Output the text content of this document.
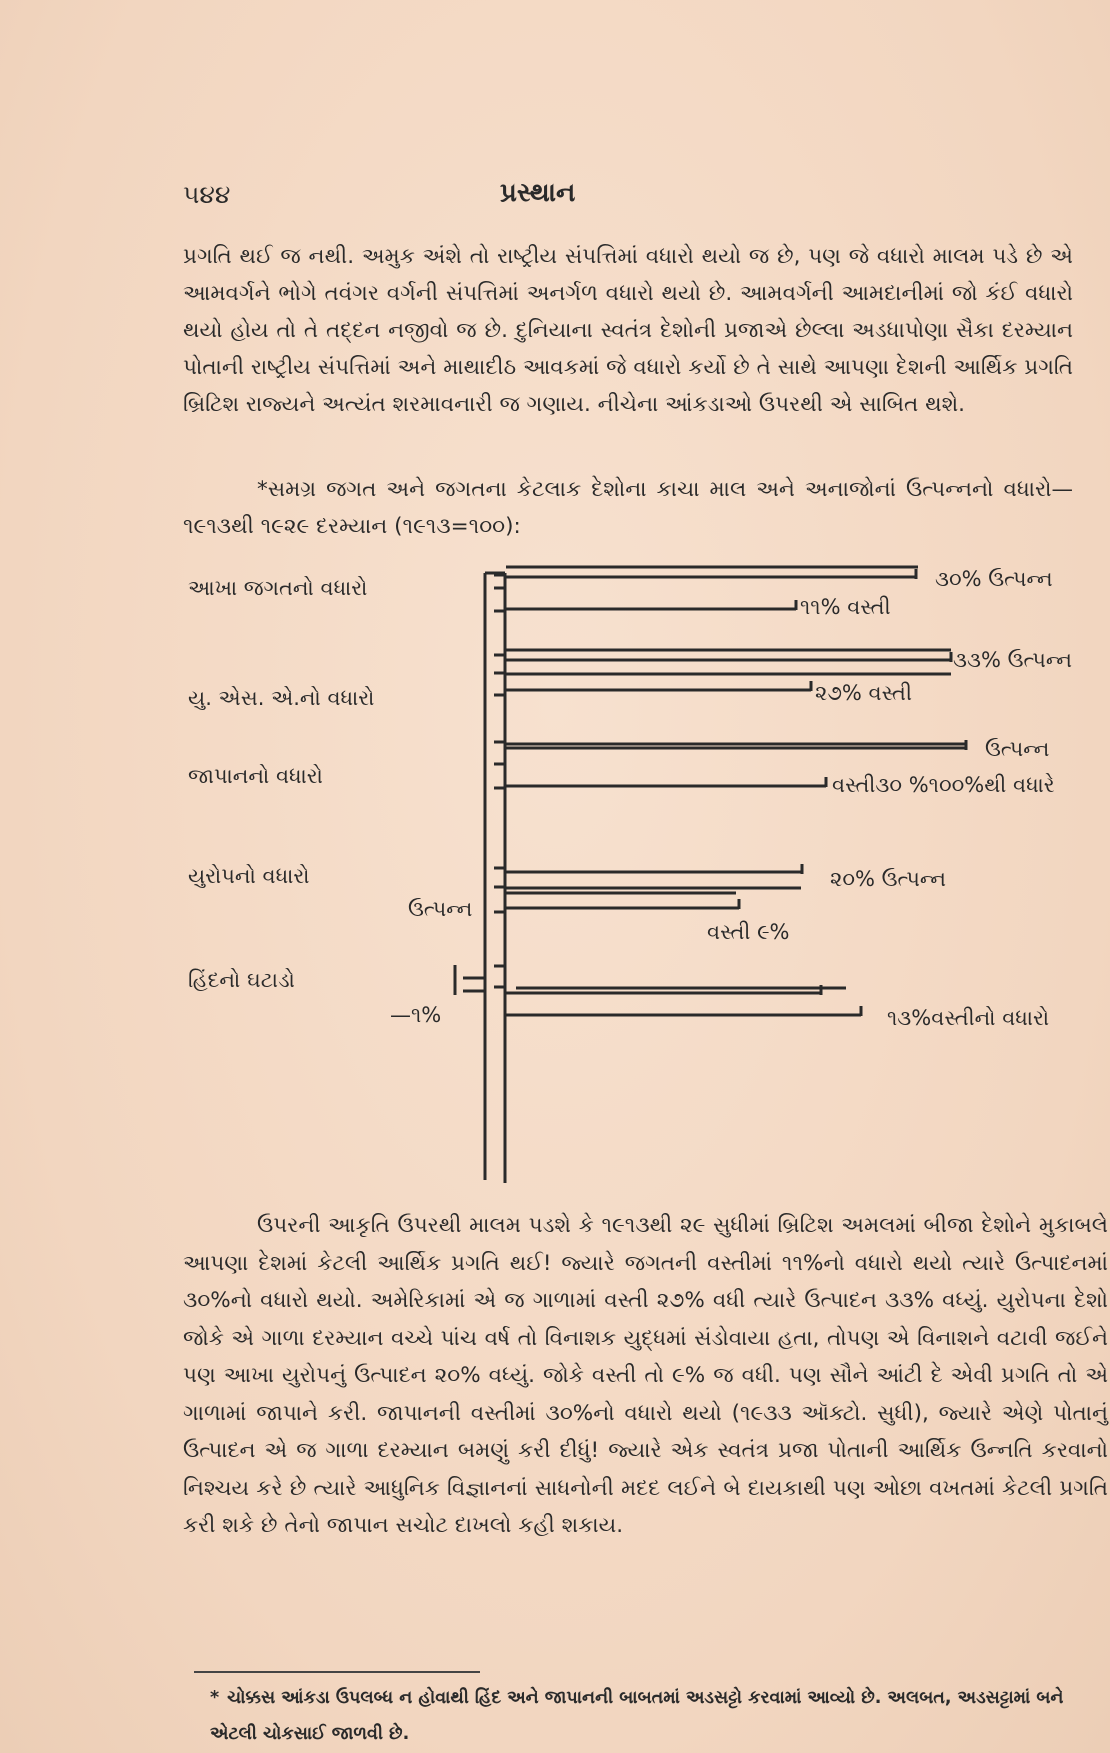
૫૪૪	પ્રસ્થાન
પ્રગતિ થઈ જ નથી. અમુક અંશે તો રાષ્ટ્રીય સંપત્તિમાં વધારો થયો જ છે, પણ જે વધારો માલમ પડે છે એ આમવર્ગને ભોગે તવંગર વર્ગની સંપત્તિમાં અનર્ગળ વધારો થયો છે. આમવર્ગની આમદાનીમાં જો કંઈ વધારો થયો હોય તો તે તદ્દન નજીવો જ છે. દુનિયાના સ્વતંત્ર દેશોની પ્રજાએ છેલ્લા અડધાપોણા સૈકા દરમ્યાન પોતાની રાષ્ટ્રીય સંપત્તિમાં અને માથાદીઠ આવકમાં જે વધારો કર્યો છે તે સાથે આપણા દેશની આર્થિક પ્રગતિ બ્રિટિશ રાજ્યને અત્યંત શરમાવનારી જ ગણાય. નીચેના આંકડાઓ ઉપરથી એ સાબિત થશે.
*સમગ્ર જગત અને જગતના કેટલાક દેશોના કાચા માલ અને અનાજોનાં ઉત્પન્નનો વધારો—૧૯૧૩થી ૧૯૨૯ દરમ્યાન (૧૯૧૩=૧૦૦):
આખા જગતનો વધારો
યુ. એસ. એ.નો વધારો
જાપાનનો વધારો
યુરોપનો વધારો
હિંદનો ઘટાડો
૩૦% ઉત્પન્ન
૧૧% વસ્તી
૩૩% ઉત્પન્ન
૨૭% વસ્તી
ઉત્પન્ન
વસ્તી૩૦ %૧૦૦%થી વધારે
૨૦% ઉત્પન્ન
વસ્તી ૯%
ઉત્પન્ન
—૧%	૧૩%વસ્તીનો વધારો
ઉપરની આકૃતિ ઉપરથી માલમ પડશે કે ૧૯૧૩થી ૨૯ સુધીમાં બ્રિટિશ અમલમાં બીજા દેશોને મુકાબલે આપણા દેશમાં કેટલી આર્થિક પ્રગતિ થઈ! જ્યારે જગતની વસ્તીમાં ૧૧%નો વધારો થયો ત્યારે ઉત્પાદનમાં ૩૦%નો વધારો થયો. અમેરિકામાં એ જ ગાળામાં વસ્તી ૨૭% વધી ત્યારે ઉત્પાદન ૩૩% વધ્યું. યુરોપના દેશો જોકે એ ગાળા દરમ્યાન વચ્ચે પાંચ વર્ષ તો વિનાશક યુદ્ધમાં સંડોવાયા હતા, તોપણ એ વિનાશને વટાવી જઈને પણ આખા યુરોપનું ઉત્પાદન ૨૦% વધ્યું. જોકે વસ્તી તો ૯% જ વધી. પણ સૌને આંટી દે એવી પ્રગતિ તો એ ગાળામાં જાપાને કરી. જાપાનની વસ્તીમાં ૩૦%નો વધારો થયો (૧૯૩૩ ઑક્ટો. સુધી), જ્યારે એણે પોતાનું ઉત્પાદન એ જ ગાળા દરમ્યાન બમણું કરી દીધું! જ્યારે એક સ્વતંત્ર પ્રજા પોતાની આર્થિક ઉન્નતિ કરવાનો નિશ્ચય કરે છે ત્યારે આધુનિક વિજ્ઞાનનાં સાધનોની મદદ લઈને બે દાયકાથી પણ ઓછા વખતમાં કેટલી પ્રગતિ કરી શકે છે તેનો જાપાન સચોટ દાખલો કહી શકાય.
* ચોક્કસ આંકડા ઉપલબ્ધ ન હોવાથી હિંદ અને જાપાનની બાબતમાં અડસટ્ટો કરવામાં આવ્યો છે. અલબત, અડસટ્ટામાં બને એટલી ચોકસાઈ જાળવી છે.
